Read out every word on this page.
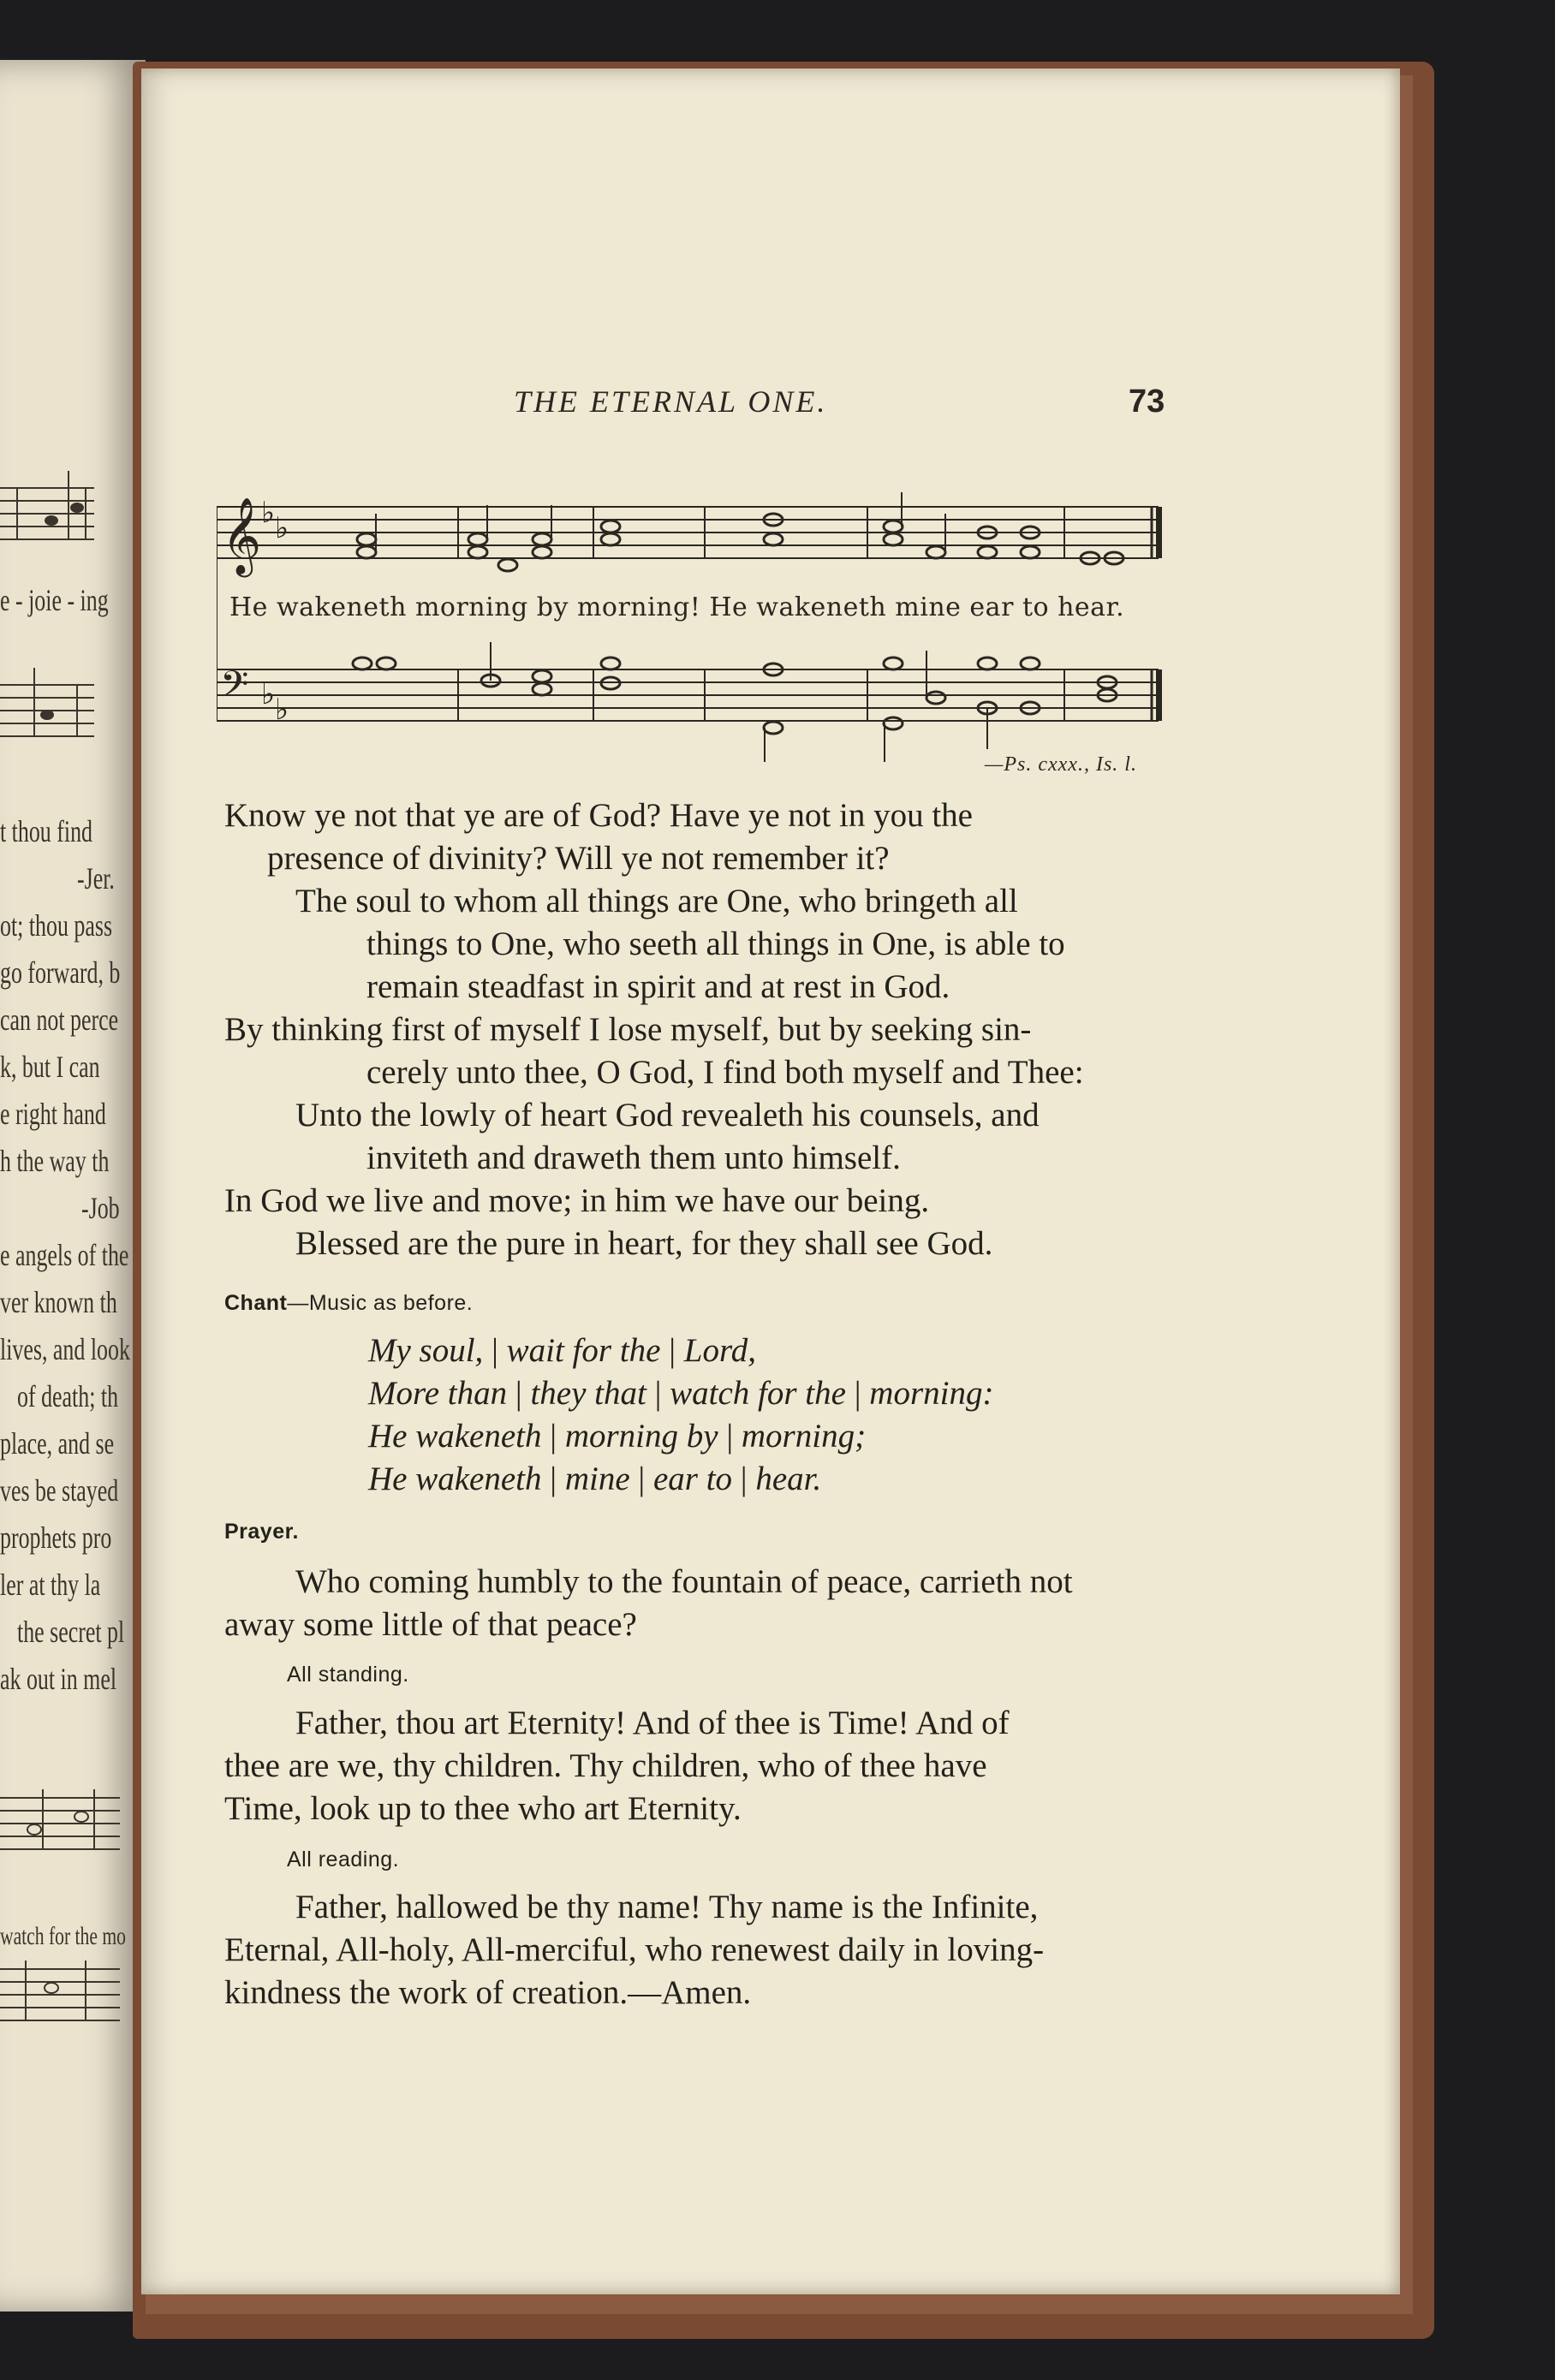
e - joie - ing
t thou find
-Jer.
ot; thou pass
go forward, b
can not perce
k, but I can
e right hand
h the way th
-Job
e angels of the
ver known th
lives, and look
of death; th
place, and se
ves be stayed
prophets pro
ler at thy la
the secret pl
ak out in mel
watch for the mo
THE ETERNAL ONE.	73
𝄞
𝄢
♭ ♭
♭ ♭
He wakeneth morning by morning! He wakeneth mine ear to hear.
—Ps. cxxx., Is. l.
Know ye not that ye are of God? Have ye not in you the
presence of divinity? Will ye not remember it?
The soul to whom all things are One, who bringeth all
things to One, who seeth all things in One, is able to
remain steadfast in spirit and at rest in God.
By thinking first of myself I lose myself, but by seeking sin-
cerely unto thee, O God, I find both myself and Thee:
Unto the lowly of heart God revealeth his counsels, and
inviteth and draweth them unto himself.
In God we live and move; in him we have our being.
Blessed are the pure in heart, for they shall see God.
Chant—Music as before.
My soul, | wait for the | Lord,
More than | they that | watch for the | morning:
He wakeneth | morning by | morning;
He wakeneth | mine | ear to | hear.
Prayer.
Who coming humbly to the fountain of peace, carrieth not
away some little of that peace?
All standing.
Father, thou art Eternity! And of thee is Time! And of
thee are we, thy children. Thy children, who of thee have
Time, look up to thee who art Eternity.
All reading.
Father, hallowed be thy name! Thy name is the Infinite,
Eternal, All-holy, All-merciful, who renewest daily in loving-
kindness the work of creation.—Amen.
